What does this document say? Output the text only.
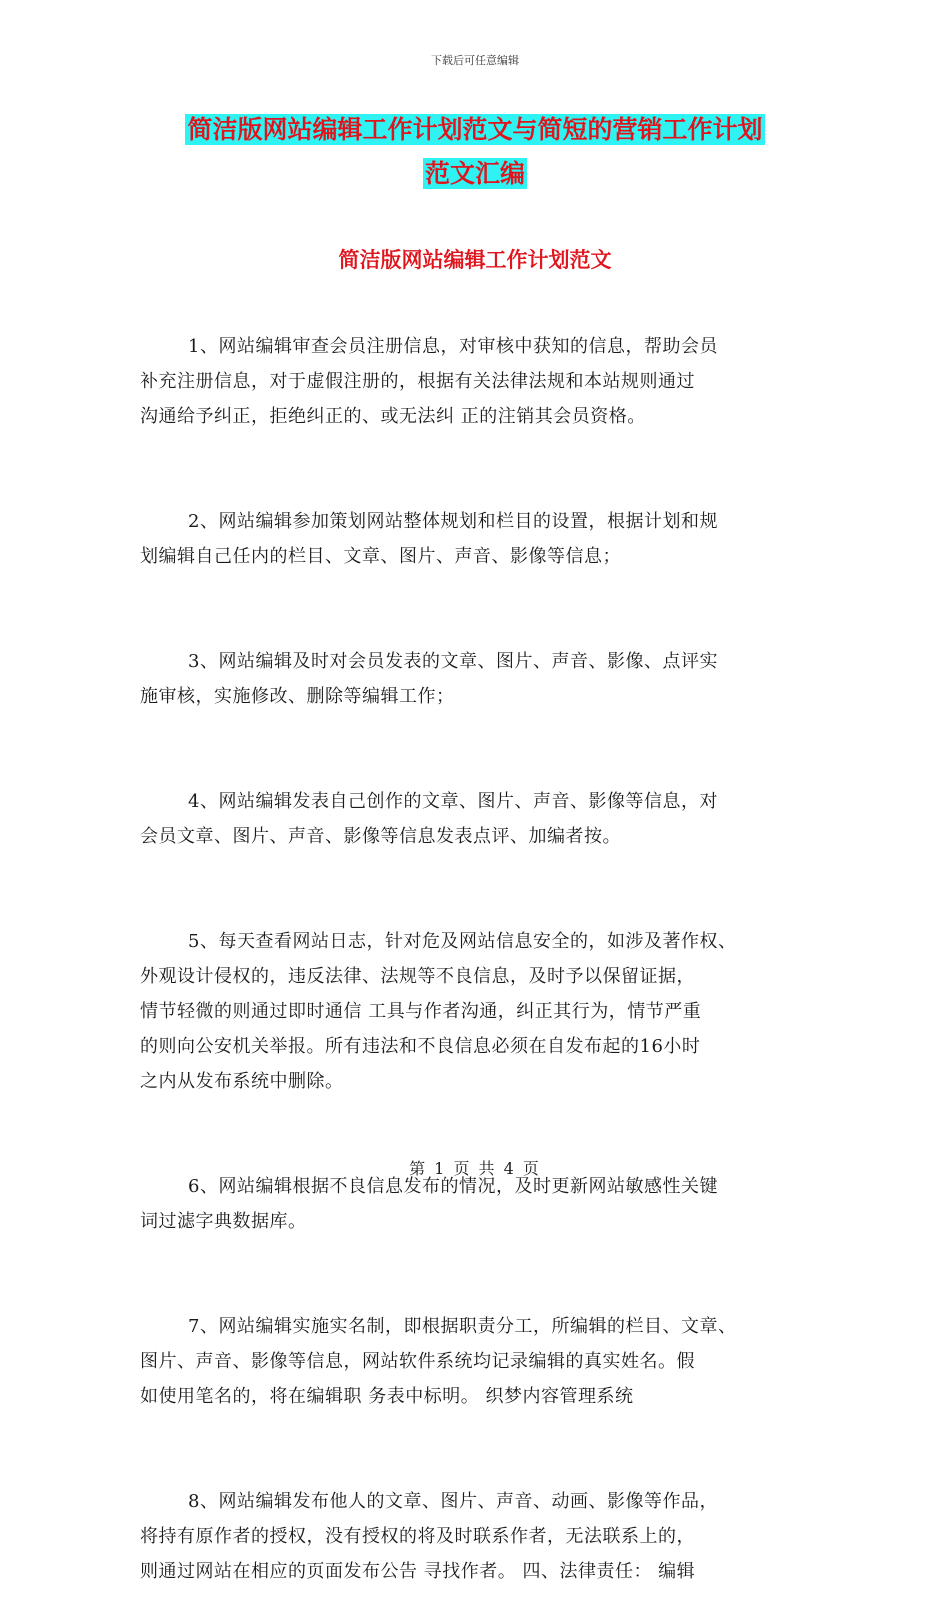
下载后可任意编辑
简洁版网站编辑工作计划范文与简短的营销工作计划
范文汇编
简洁版网站编辑工作计划范文

1、网站编辑审查会员注册信息，对审核中获知的信息，帮助会员
补充注册信息，对于虚假注册的，根据有关法律法规和本站规则通过
沟通给予纠正，拒绝纠正的、或无法纠 正的注销其会员资格。

2、网站编辑参加策划网站整体规划和栏目的设置，根据计划和规
划编辑自己任内的栏目、文章、图片、声音、影像等信息；

3、网站编辑及时对会员发表的文章、图片、声音、影像、点评实
施审核，实施修改、删除等编辑工作；

4、网站编辑发表自己创作的文章、图片、声音、影像等信息，对
会员文章、图片、声音、影像等信息发表点评、加编者按。

5、每天查看网站日志，针对危及网站信息安全的，如涉及著作权、
外观设计侵权的，违反法律、法规等不良信息，及时予以保留证据，
情节轻微的则通过即时通信 工具与作者沟通，纠正其行为，情节严重
的则向公安机关举报。所有违法和不良信息必须在自发布起的16小时
之内从发布系统中删除。

6、网站编辑根据不良信息发布的情况，及时更新网站敏感性关键
词过滤字典数据库。

7、网站编辑实施实名制，即根据职责分工，所编辑的栏目、文章、
图片、声音、影像等信息，网站软件系统均记录编辑的真实姓名。假
如使用笔名的，将在编辑职 务表中标明。 织梦内容管理系统

8、网站编辑发布他人的文章、图片、声音、动画、影像等作品，
将持有原作者的授权，没有授权的将及时联系作者，无法联系上的，
则通过网站在相应的页面发布公告 寻找作者。 四、法律责任： 编辑

第 1 页 共 4 页
